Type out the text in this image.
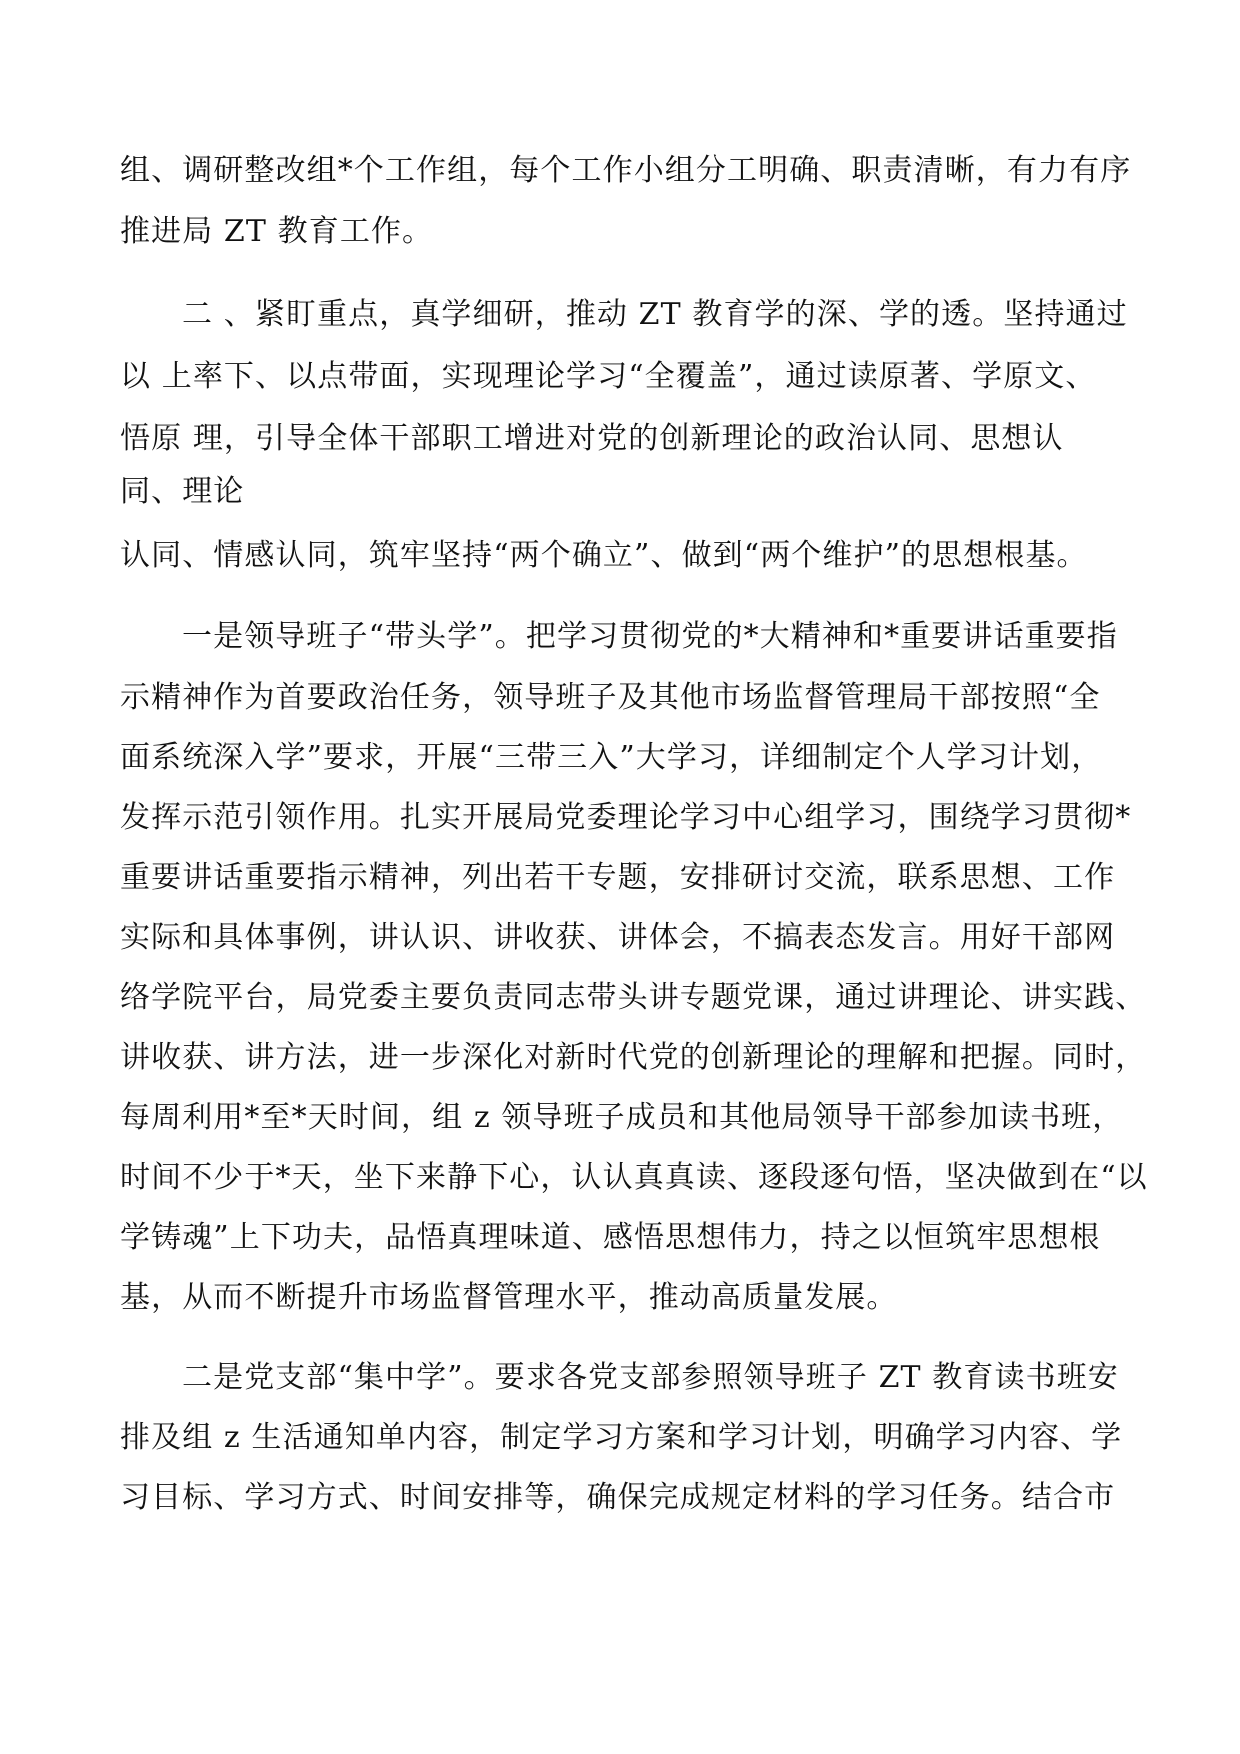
组、调研整改组*个工作组，每个工作小组分工明确、职责清晰，有力有序
推进局 ZT 教育工作。
二 、紧盯重点，真学细研，推动 ZT 教育学的深、学的透。坚持通过
以 上率下、以点带面，实现理论学习“全覆盖”，通过读原著、学原文、
悟原 理，引导全体干部职工增进对党的创新理论的政治认同、思想认
同、理论
认同、情感认同，筑牢坚持“两个确立”、做到“两个维护”的思想根基。
一是领导班子“带头学”。把学习贯彻党的*大精神和*重要讲话重要指
示精神作为首要政治任务，领导班子及其他市场监督管理局干部按照“全
面系统深入学”要求，开展“三带三入”大学习，详细制定个人学习计划，
发挥示范引领作用。扎实开展局党委理论学习中心组学习，围绕学习贯彻*
重要讲话重要指示精神，列出若干专题，安排研讨交流，联系思想、工作
实际和具体事例，讲认识、讲收获、讲体会，不搞表态发言。用好干部网
络学院平台，局党委主要负责同志带头讲专题党课，通过讲理论、讲实践、
讲收获、讲方法，进一步深化对新时代党的创新理论的理解和把握。同时，
每周利用*至*天时间，组 z 领导班子成员和其他局领导干部参加读书班，
时间不少于*天，坐下来静下心，认认真真读、逐段逐句悟，坚决做到在“以
学铸魂”上下功夫，品悟真理味道、感悟思想伟力，持之以恒筑牢思想根
基，从而不断提升市场监督管理水平，推动高质量发展。
二是党支部“集中学”。要求各党支部参照领导班子 ZT 教育读书班安
排及组 z 生活通知单内容，制定学习方案和学习计划，明确学习内容、学
习目标、学习方式、时间安排等，确保完成规定材料的学习任务。结合市
